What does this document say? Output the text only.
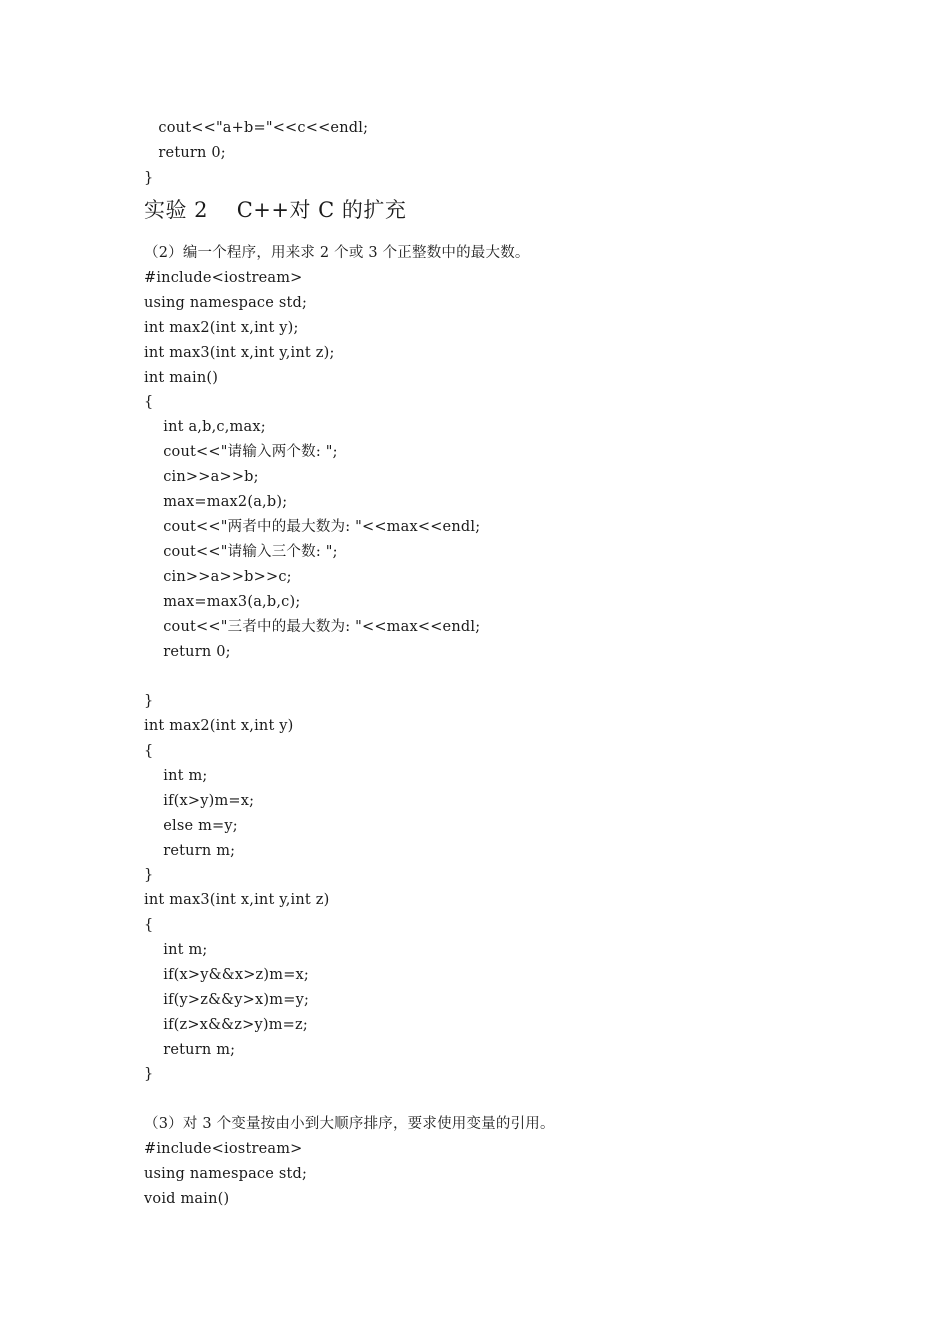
cout<<"a+b="<<c<<endl;
return 0;
}
实验 2    C++对 C 的扩充
（2）编一个程序，用来求 2 个或 3 个正整数中的最大数。
#include<iostream>
using namespace std;
int max2(int x,int y);
int max3(int x,int y,int z);
int main()
{
int a,b,c,max;
cout<<"请输入两个数: ";
cin>>a>>b;
max=max2(a,b);
cout<<"两者中的最大数为: "<<max<<endl;
cout<<"请输入三个数: ";
cin>>a>>b>>c;
max=max3(a,b,c);
cout<<"三者中的最大数为: "<<max<<endl;
return 0;
}
int max2(int x,int y)
{
int m;
if(x>y)m=x;
else m=y;
return m;
}
int max3(int x,int y,int z)
{
int m;
if(x>y&&x>z)m=x;
if(y>z&&y>x)m=y;
if(z>x&&z>y)m=z;
return m;
}
（3）对 3 个变量按由小到大顺序排序，要求使用变量的引用。
#include<iostream>
using namespace std;
void main()
